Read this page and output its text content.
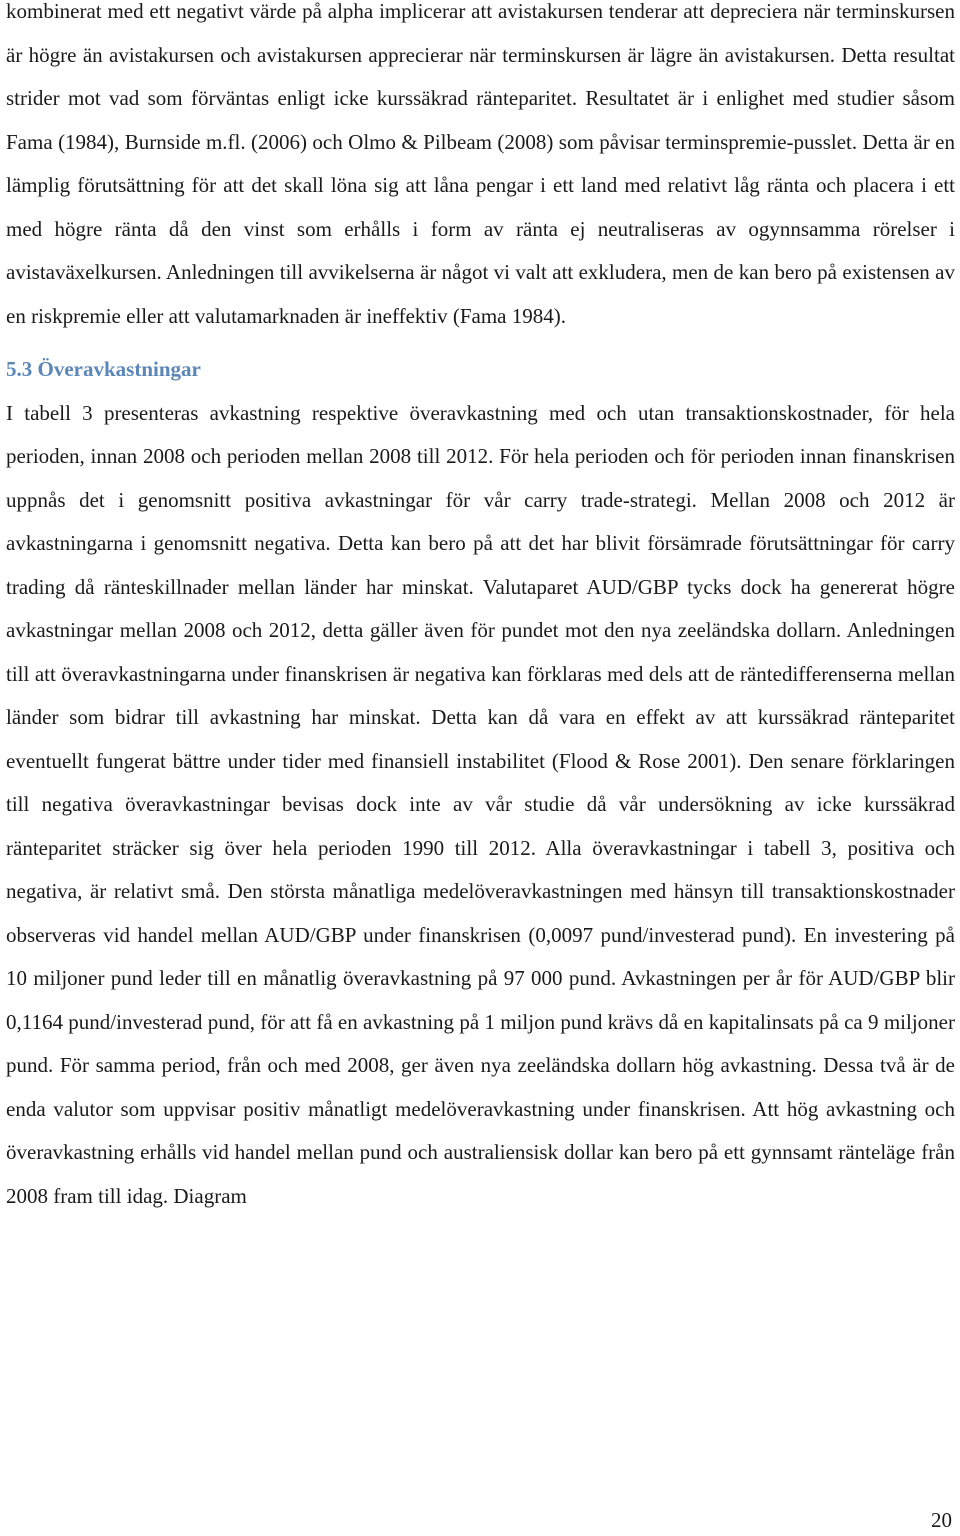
kombinerat med ett negativt värde på alpha implicerar att avistakursen tenderar att depreciera när terminskursen är högre än avistakursen och avistakursen apprecierar när terminskursen är lägre än avistakursen. Detta resultat strider mot vad som förväntas enligt icke kurssäkrad ränteparitet. Resultatet är i enlighet med studier såsom Fama (1984), Burnside m.fl. (2006) och Olmo & Pilbeam (2008) som påvisar terminspremie-pusslet. Detta är en lämplig förutsättning för att det skall löna sig att låna pengar i ett land med relativt låg ränta och placera i ett med högre ränta då den vinst som erhålls i form av ränta ej neutraliseras av ogynnsamma rörelser i avistaväxelkursen. Anledningen till avvikelserna är något vi valt att exkludera, men de kan bero på existensen av en riskpremie eller att valutamarknaden är ineffektiv (Fama 1984).

5.3 Överavkastningar

I tabell 3 presenteras avkastning respektive överavkastning med och utan transaktionskostnader, för hela perioden, innan 2008 och perioden mellan 2008 till 2012. För hela perioden och för perioden innan finanskrisen uppnås det i genomsnitt positiva avkastningar för vår carry trade-strategi. Mellan 2008 och 2012 är avkastningarna i genomsnitt negativa. Detta kan bero på att det har blivit försämrade förutsättningar för carry trading då ränteskillnader mellan länder har minskat. Valutaparet AUD/GBP tycks dock ha genererat högre avkastningar mellan 2008 och 2012, detta gäller även för pundet mot den nya zeeländska dollarn. Anledningen till att överavkastningarna under finanskrisen är negativa kan förklaras med dels att de räntedifferenserna mellan länder som bidrar till avkastning har minskat. Detta kan då vara en effekt av att kurssäkrad ränteparitet eventuellt fungerat bättre under tider med finansiell instabilitet (Flood & Rose 2001). Den senare förklaringen till negativa överavkastningar bevisas dock inte av vår studie då vår undersökning av icke kurssäkrad ränteparitet sträcker sig över hela perioden 1990 till 2012. Alla överavkastningar i tabell 3, positiva och negativa, är relativt små. Den största månatliga medelöveravkastningen med hänsyn till transaktionskostnader observeras vid handel mellan AUD/GBP under finanskrisen (0,0097 pund/investerad pund). En investering på 10 miljoner pund leder till en månatlig överavkastning på 97 000 pund. Avkastningen per år för AUD/GBP blir 0,1164 pund/investerad pund, för att få en avkastning på 1 miljon pund krävs då en kapitalinsats på ca 9 miljoner pund. För samma period, från och med 2008, ger även nya zeeländska dollarn hög avkastning. Dessa två är de enda valutor som uppvisar positiv månatligt medelöveravkastning under finanskrisen. Att hög avkastning och överavkastning erhålls vid handel mellan pund och australiensisk dollar kan bero på ett gynnsamt ränteläge från 2008 fram till idag. Diagram

20
